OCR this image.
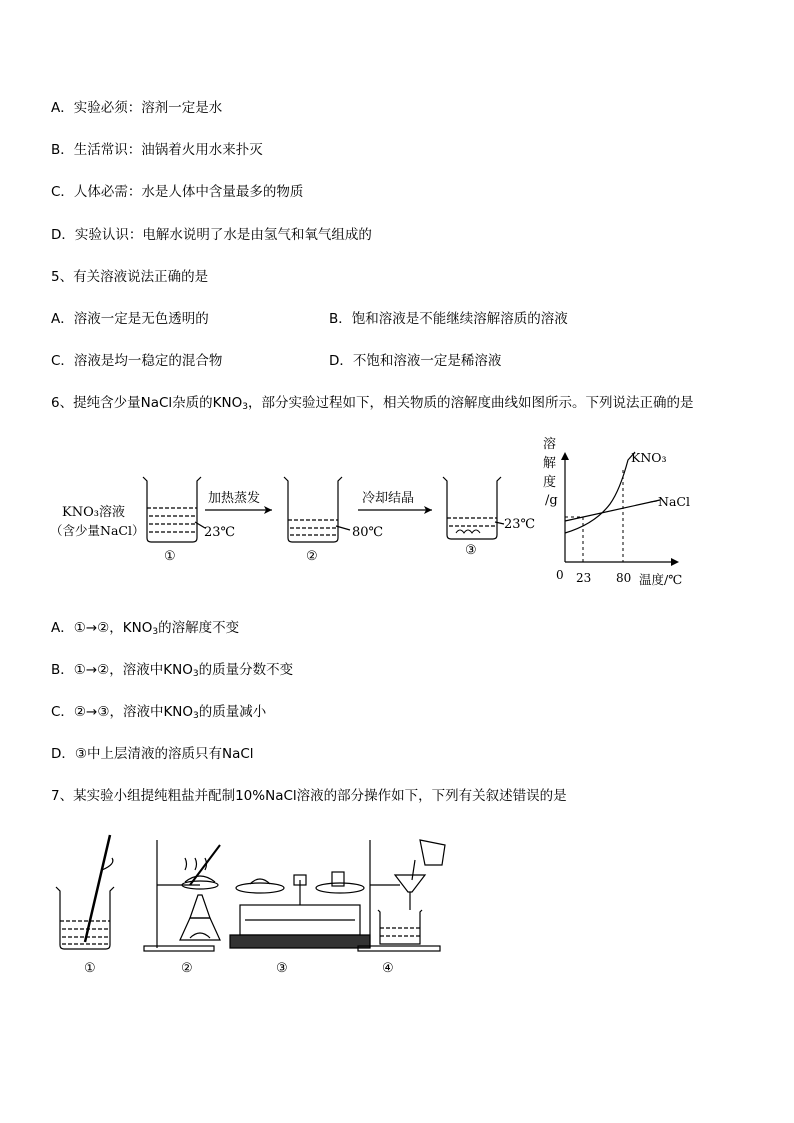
A．实验必须：溶剂一定是水
B．生活常识：油锅着火用水来扑灭
C．人体必需：水是人体中含量最多的物质
D．实验认识：电解水说明了水是由氢气和氧气组成的
5、有关溶液说法正确的是
A．溶液一定是无色透明的	B．饱和溶液是不能继续溶解溶质的溶液
C．溶液是均一稳定的混合物	D．不饱和溶液一定是稀溶液
6、提纯含少量NaCl杂质的$KNO_3$，部分实验过程如下，相关物质的溶解度曲线如图所示。下列说法正确的是
KNO₃溶液
（含少量NaCl）	23℃
①
加热蒸发
80℃
②
冷却结晶
23℃
③
溶
解
度
/g
KNO₃
NaCl
0 23 80 温度/℃
A．①→②，$KNO_3$的溶解度不变
B．①→②，溶液中$KNO_3$的质量分数不变
C．②→③，溶液中$KNO_3$的质量减小
D．③中上层清液的溶质只有NaCl
7、某实验小组提纯粗盐并配制10%NaCl溶液的部分操作如下，下列有关叙述错误的是
①	②	③	④
